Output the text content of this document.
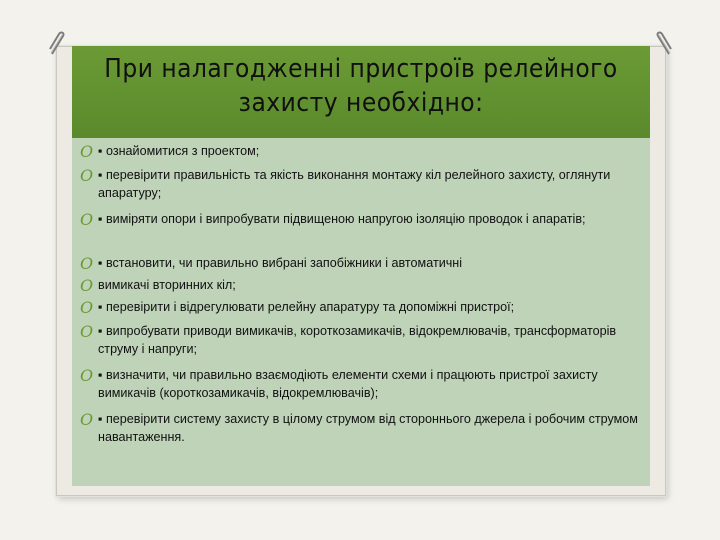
При налагодженні пристроїв релейного захисту необхідно:
O ▪ ознайомитися з проектом;
O ▪ перевірити правильність та якість виконання монтажу кіл релейного захисту, оглянути апаратуру;
O ▪ виміряти опори і випробувати підвищеною напругою ізоляцію проводок і апаратів;
O ▪ встановити, чи правильно вибрані запобіжники і автоматичні
O вимикачі вторинних кіл;
O ▪ перевірити і відрегулювати релейну апаратуру та допоміжні пристрої;
O ▪ випробувати приводи вимикачів, короткозамикачів, відокремлювачів, трансформаторів струму і напруги;
O ▪ визначити, чи правильно взаємодіють елементи схеми і працюють пристрої захисту вимикачів (короткозамикачів, відокремлювачів);
O ▪ перевірити систему захисту в цілому струмом від стороннього джерела і робочим струмом навантаження.
